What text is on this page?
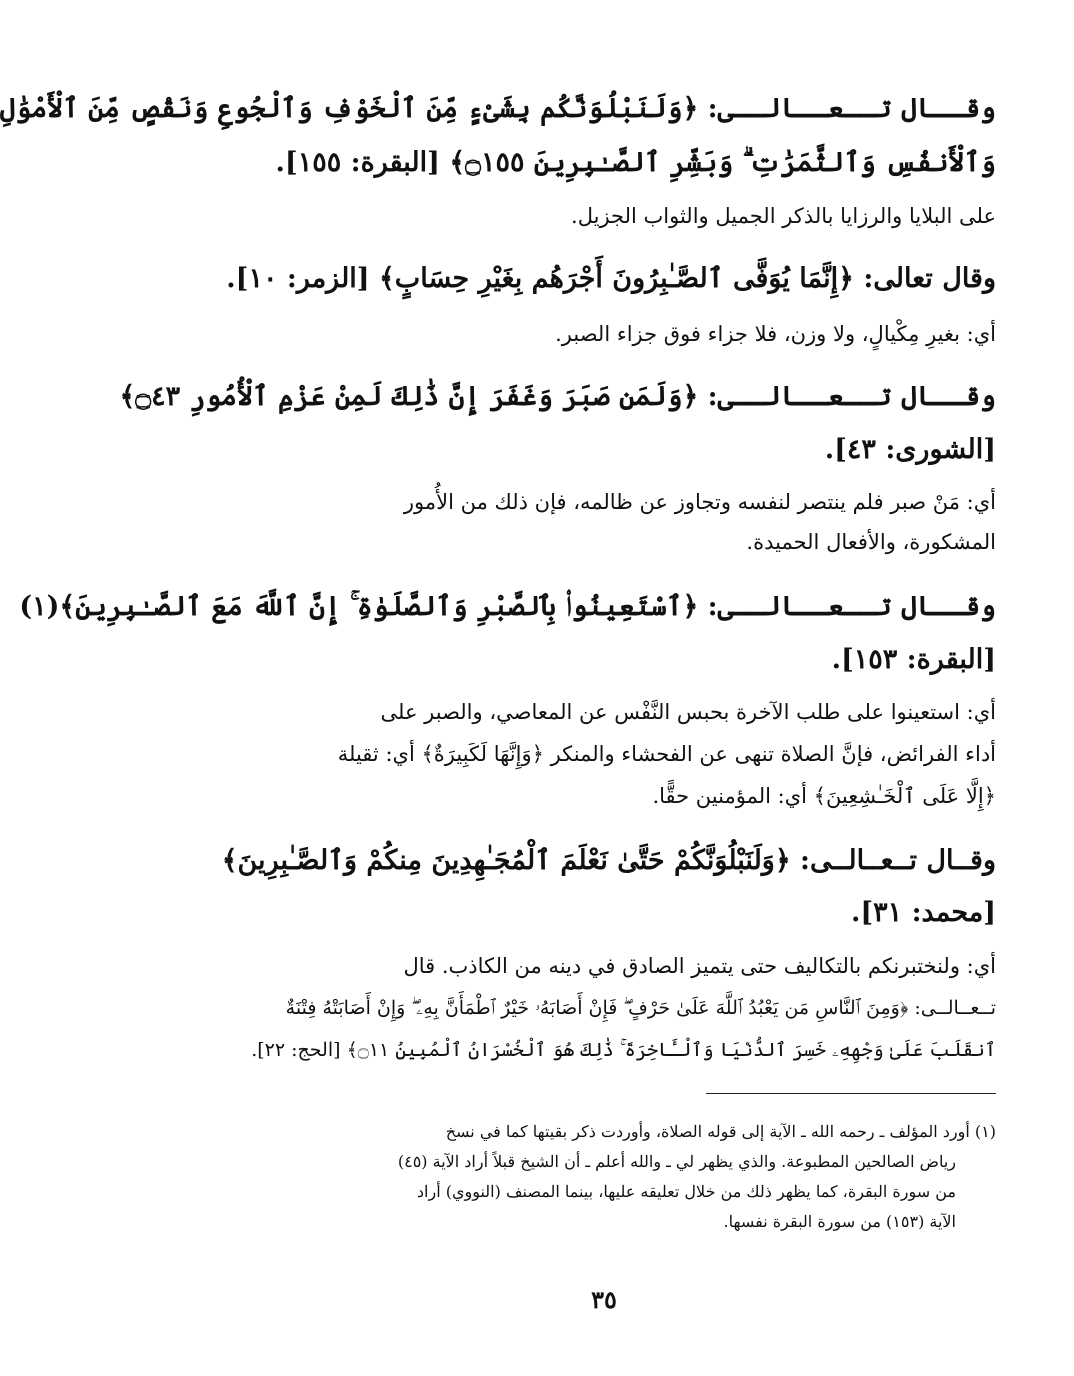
وقــال تــعــالــى: ﴿وَلَنَبْلُوَنَّكُم بِشَىْءٍ مِّنَ ٱلْخَوْفِ وَٱلْجُوعِ وَنَقْصٍ مِّنَ ٱلْأَمْوَٰلِ
وَٱلْأَنفُسِ وَٱلثَّمَرَٰتِ ۗ وَبَشِّرِ ٱلصَّـٰبِرِينَ ۝١٥٥﴾ [البقرة: ١٥٥].
على البلايا والرزايا بالذكر الجميل والثواب الجزيل.
وقال تعالى: ﴿إِنَّمَا يُوَفَّى ٱلصَّـٰبِرُونَ أَجْرَهُم بِغَيْرِ حِسَابٍ﴾ [الزمر: ١٠].
أي: بغيرِ مِكْيالٍ، ولا وزن، فلا جزاء فوق جزاء الصبر.
وقــال تــعــالــى: ﴿وَلَمَن صَبَرَ وَغَفَرَ إِنَّ ذَٰلِكَ لَمِنْ عَزْمِ ٱلْأُمُورِ ۝٤٣﴾
[الشورى: ٤٣].
أي: مَنْ صبر فلم ينتصر لنفسه وتجاوز عن ظالمه، فإن ذلك من الأُمور
المشكورة، والأفعال الحميدة.
وقــال تــعــالــى: ﴿ٱسْتَعِينُوا۟ بِٱلصَّبْرِ وَٱلصَّلَوٰةِ ۚ إِنَّ ٱللَّهَ مَعَ ٱلصَّـٰبِرِينَ﴾(١)
[البقرة: ١٥٣].
أي: استعينوا على طلب الآخرة بحبس النَّفْس عن المعاصي، والصبر على
أداء الفرائض، فإنَّ الصلاة تنهى عن الفحشاء والمنكر ﴿وَإِنَّهَا لَكَبِيرَةٌ﴾ أي: ثقيلة
﴿إِلَّا عَلَى ٱلْخَـٰشِعِينَ﴾ أي: المؤمنين حقًّا.
وقــال تــعــالــى: ﴿وَلَنَبْلُوَنَّكُمْ حَتَّىٰ نَعْلَمَ ٱلْمُجَـٰهِدِينَ مِنكُمْ وَٱلصَّـٰبِرِينَ﴾
[محمد: ٣١].
أي: ولنختبرنكم بالتكاليف حتى يتميز الصادق في دينه من الكاذب. قال
تــعــالــى: ﴿وَمِنَ ٱلنَّاسِ مَن يَعْبُدُ ٱللَّهَ عَلَىٰ حَرْفٍ ۖ فَإِنْ أَصَابَهُۥ خَيْرٌ ٱطْمَأَنَّ بِهِۦ ۖ وَإِنْ أَصَابَتْهُ فِتْنَةٌ
ٱنقَلَبَ عَلَىٰ وَجْهِهِۦ خَسِرَ ٱلدُّنْيَا وَٱلْـَٔاخِرَةَ ۚ ذَٰلِكَ هُوَ ٱلْخُسْرَانُ ٱلْمُبِينُ ۝١١﴾ [الحج: ٢٢].
(١) أورد المؤلف ـ رحمه الله ـ الآية إلى قوله الصلاة، وأوردت ذكر بقيتها كما في نسخ
رياض الصالحين المطبوعة. والذي يظهر لي ـ والله أعلم ـ أن الشيخ قبلاً أراد الآية (٤٥)
من سورة البقرة، كما يظهر ذلك من خلال تعليقه عليها، بينما المصنف (النووي) أراد
الآية (١٥٣) من سورة البقرة نفسها.
٣٥
